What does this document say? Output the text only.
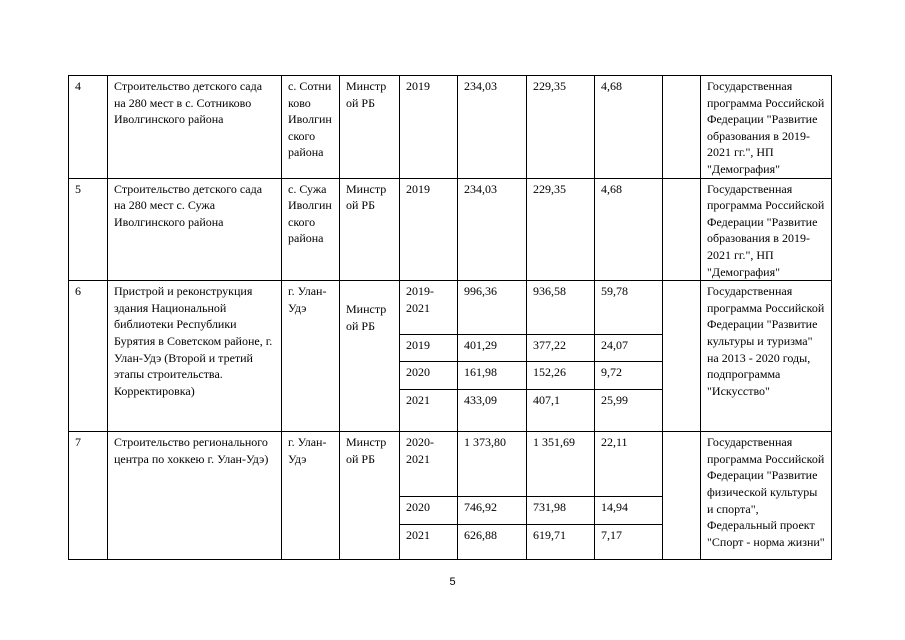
4	Строительство детского сада на 280 мест в с. Сотниково Иволгинского района	с. Сотни ково Иволгин ского района	Минстр ой РБ	2019	234,03	229,35	4,68		Государственная программа Российской Федерации "Развитие образования в 2019-2021 гг.", НП "Демография"
5	Строительство детского сада на 280 мест с. Сужа Иволгинского района	с. Сужа Иволгин ского района	Минстр ой РБ	2019	234,03	229,35	4,68		Государственная программа Российской Федерации "Развитие образования в 2019-2021 гг.", НП "Демография"
6	Пристрой и реконструкция здания Национальной библиотеки Республики Бурятия в Советском районе, г. Улан-Удэ (Второй и третий этапы строительства. Корректировка)	г. Улан-Удэ	Минстр ой РБ	2019-2021	996,36	936,58	59,78		Государственная программа Российской Федерации "Развитие культуры и туризма" на 2013 - 2020 годы, подпрограмма "Искусство"
				2019	401,29	377,22	24,07		
				2020	161,98	152,26	9,72		
				2021	433,09	407,1	25,99		
7	Строительство регионального центра по хоккею г. Улан-Удэ)	г. Улан-Удэ	Минстр ой РБ	2020-2021	1 373,80	1 351,69	22,11		Государственная программа Российской Федерации "Развитие физической культуры и спорта", Федеральный проект "Спорт - норма жизни"
				2020	746,92	731,98	14,94		
				2021	626,88	619,71	7,17		
5
